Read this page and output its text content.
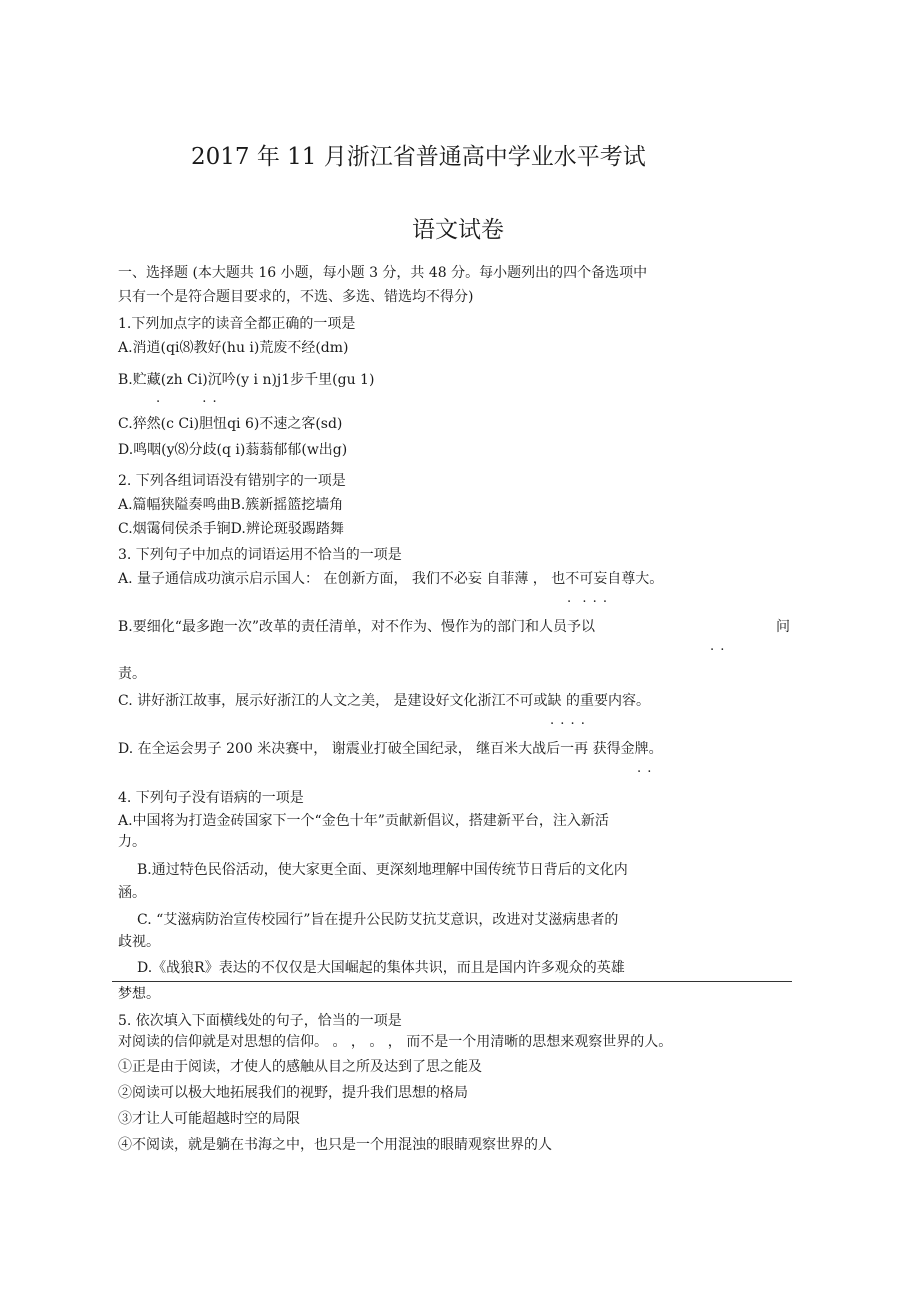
2017 年 11 月浙江省普通高中学业水平考试
语文试卷
一、选择题 (本大题共 16 小题，每小题 3 分，共 48 分。每小题列出的四个备选项中
只有一个是符合题目要求的，不选、多选、错选均不得分)
1.下列加点字的读音全都正确的一项是
A.消逍(qi⑻教好(hu i)荒废不经(dm)
B.贮藏(zh Ci)沉吟(y i n)j1步千里(gu 1)
.        . .
C.猝然(c Ci)胆忸qi 6)不速之客(sd)
D.鸣咽(y⑻分歧(q i)蓊蓊郁郁(w出g)
2. 下列各组词语没有错别字的一项是
A.篇幅狭隘奏鸣曲B.簇新摇篮挖墙角
C.烟霭伺侯杀手锏D.辨论斑驳踢踏舞
3. 下列句子中加点的词语运用不恰当的一项是
A. 量子通信成功演示启示国人： 在创新方面， 我们不必妄 自菲薄 ， 也不可妄自尊大。
.  . . .
B.要细化“最多跑一次”改革的责任清单，对不作为、慢作为的部门和人员予以	问
. .
责。
C. 讲好浙江故事，展示好浙江的人文之美， 是建设好文化浙江不可或缺 的重要内容。
. . . .
D. 在全运会男子 200 米决赛中， 谢震业打破全国纪录， 继百米大战后一再 获得金牌。
. .
4. 下列句子没有语病的一项是
A.中国将为打造金砖国家下一个“金色十年”贡献新倡议，搭建新平台，注入新活
力。
B.通过特色民俗活动，使大家更全面、更深刻地理解中国传统节日背后的文化内
涵。
C. “艾滋病防治宣传校园行”旨在提升公民防艾抗艾意识，改进对艾滋病患者的
歧视。
D.《战狼R》表达的不仅仅是大国崛起的集体共识，而且是国内许多观众的英雄
梦想。
5. 依次填入下面横线处的句子，恰当的一项是
对阅读的信仰就是对思想的信仰。 。 ， 。 ， 而不是一个用清晰的思想来观察世界的人。
①正是由于阅读，才使人的感触从目之所及达到了思之能及
②阅读可以极大地拓展我们的视野，提升我们思想的格局
③才让人可能超越时空的局限
④不阅读，就是躺在书海之中，也只是一个用混浊的眼睛观察世界的人
